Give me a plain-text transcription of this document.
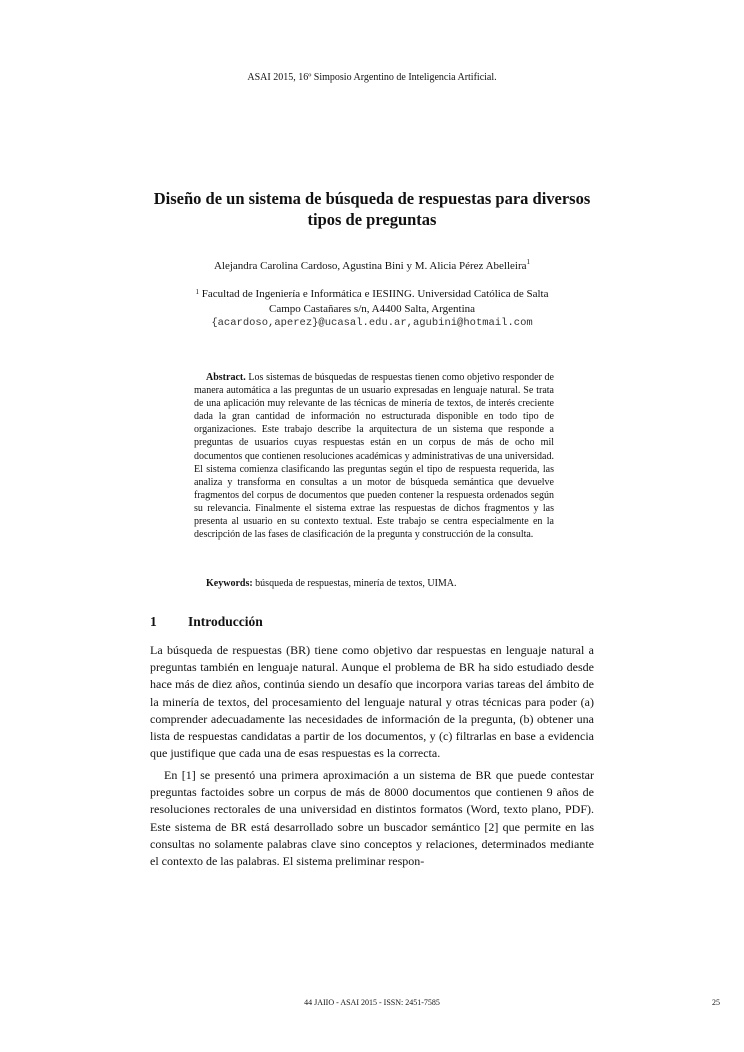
ASAI 2015, 16º Simposio Argentino de Inteligencia Artificial.
Diseño de un sistema de búsqueda de respuestas para diversos tipos de preguntas
Alejandra Carolina Cardoso, Agustina Bini y M. Alicia Pérez Abelleira$^1$
$^1$ Facultad de Ingeniería e Informática e IESIING. Universidad Católica de Salta
Campo Castañares s/n, A4400 Salta, Argentina
{acardoso,aperez}@ucasal.edu.ar,agubini@hotmail.com

Abstract. Los sistemas de búsquedas de respuestas tienen como objetivo responder de manera automática a las preguntas de un usuario expresadas en lenguaje natural. Se trata de una aplicación muy relevante de las técnicas de minería de textos, de interés creciente dada la gran cantidad de información no estructurada disponible en todo tipo de organizaciones. Este trabajo describe la arquitectura de un sistema que responde a preguntas de usuarios cuyas respuestas están en un corpus de más de ocho mil documentos que contienen resoluciones académicas y administrativas de una universidad. El sistema comienza clasificando las preguntas según el tipo de respuesta requerida, las analiza y transforma en consultas a un motor de búsqueda semántica que devuelve fragmentos del corpus de documentos que pueden contener la respuesta ordenados según su relevancia. Finalmente el sistema extrae las respuestas de dichos fragmentos y las presenta al usuario en su contexto textual. Este trabajo se centra especialmente en la descripción de las fases de clasificación de la pregunta y construcción de la consulta.

Keywords: búsqueda de respuestas, minería de textos, UIMA.

1 Introducción

La búsqueda de respuestas (BR) tiene como objetivo dar respuestas en lenguaje natural a preguntas también en lenguaje natural. Aunque el problema de BR ha sido estudiado desde hace más de diez años, continúa siendo un desafío que incorpora varias tareas del ámbito de la minería de textos, del procesamiento del lenguaje natural y otras técnicas para poder (a) comprender adecuadamente las necesidades de información de la pregunta, (b) obtener una lista de respuestas candidatas a partir de los documentos, y (c) filtrarlas en base a evidencia que justifique que cada una de esas respuestas es la correcta.

En [1] se presentó una primera aproximación a un sistema de BR que puede contestar preguntas factoides sobre un corpus de más de 8000 documentos que contienen 9 años de resoluciones rectorales de una universidad en distintos formatos (Word, texto plano, PDF). Este sistema de BR está desarrollado sobre un buscador semántico [2] que permite en las consultas no solamente palabras clave sino conceptos y relaciones, determinados mediante el contexto de las palabras. El sistema preliminar respon-

44 JAIIO - ASAI 2015 - ISSN: 2451-7585	25
